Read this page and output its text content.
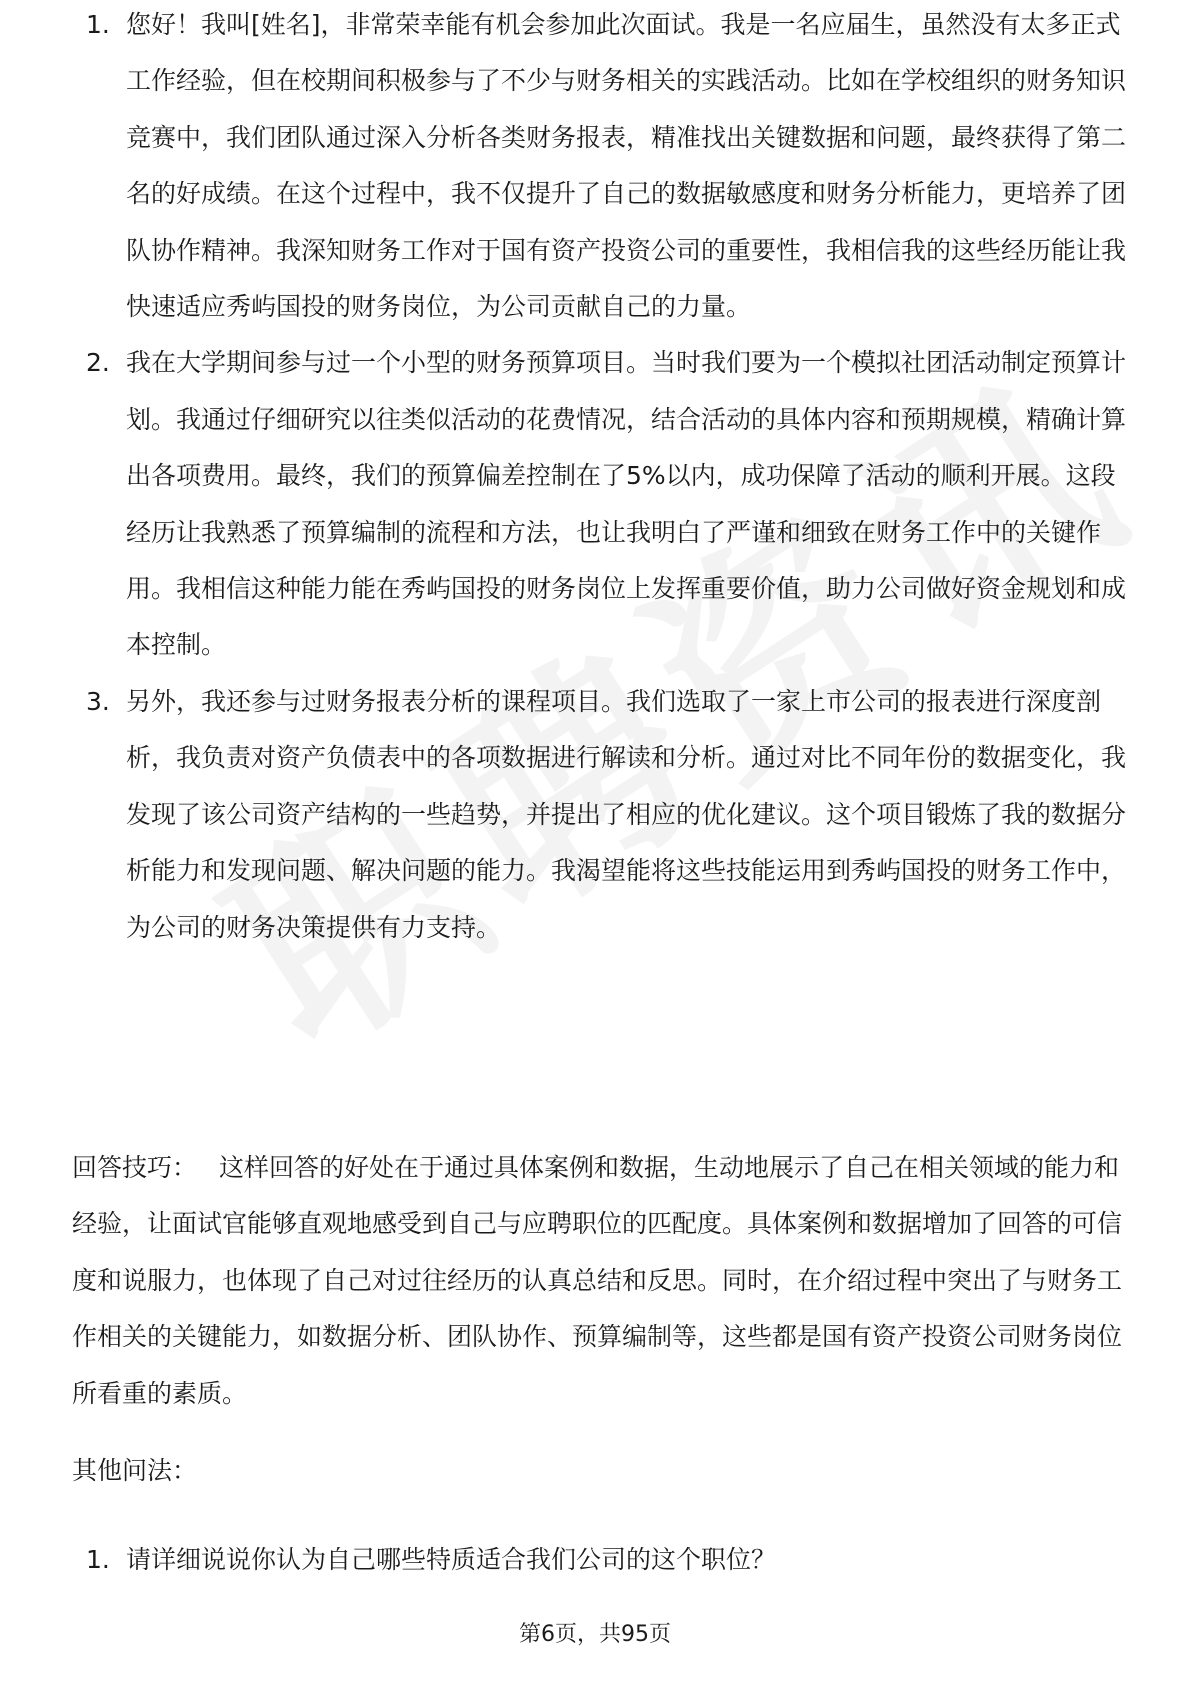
1. 您好！我叫[姓名]，非常荣幸能有机会参加此次面试。我是一名应届生，虽然没有太多正式工作经验，但在校期间积极参与了不少与财务相关的实践活动。比如在学校组织的财务知识竞赛中，我们团队通过深入分析各类财务报表，精准找出关键数据和问题，最终获得了第二名的好成绩。在这个过程中，我不仅提升了自己的数据敏感度和财务分析能力，更培养了团队协作精神。我深知财务工作对于国有资产投资公司的重要性，我相信我的这些经历能让我快速适应秀屿国投的财务岗位，为公司贡献自己的力量。
2. 我在大学期间参与过一个小型的财务预算项目。当时我们要为一个模拟社团活动制定预算计划。我通过仔细研究以往类似活动的花费情况，结合活动的具体内容和预期规模，精确计算出各项费用。最终，我们的预算偏差控制在了5%以内，成功保障了活动的顺利开展。这段经历让我熟悉了预算编制的流程和方法，也让我明白了严谨和细致在财务工作中的关键作用。我相信这种能力能在秀屿国投的财务岗位上发挥重要价值，助力公司做好资金规划和成本控制。
3. 另外，我还参与过财务报表分析的课程项目。我们选取了一家上市公司的报表进行深度剖析，我负责对资产负债表中的各项数据进行解读和分析。通过对比不同年份的数据变化，我发现了该公司资产结构的一些趋势，并提出了相应的优化建议。这个项目锻炼了我的数据分析能力和发现问题、解决问题的能力。我渴望能将这些技能运用到秀屿国投的财务工作中，为公司的财务决策提供有力支持。

回答技巧： 这样回答的好处在于通过具体案例和数据，生动地展示了自己在相关领域的能力和经验，让面试官能够直观地感受到自己与应聘职位的匹配度。具体案例和数据增加了回答的可信度和说服力，也体现了自己对过往经历的认真总结和反思。同时，在介绍过程中突出了与财务工作相关的关键能力，如数据分析、团队协作、预算编制等，这些都是国有资产投资公司财务岗位所看重的素质。

其他问法：

1. 请详细说说你认为自己哪些特质适合我们公司的这个职位？
第6页，共95页
